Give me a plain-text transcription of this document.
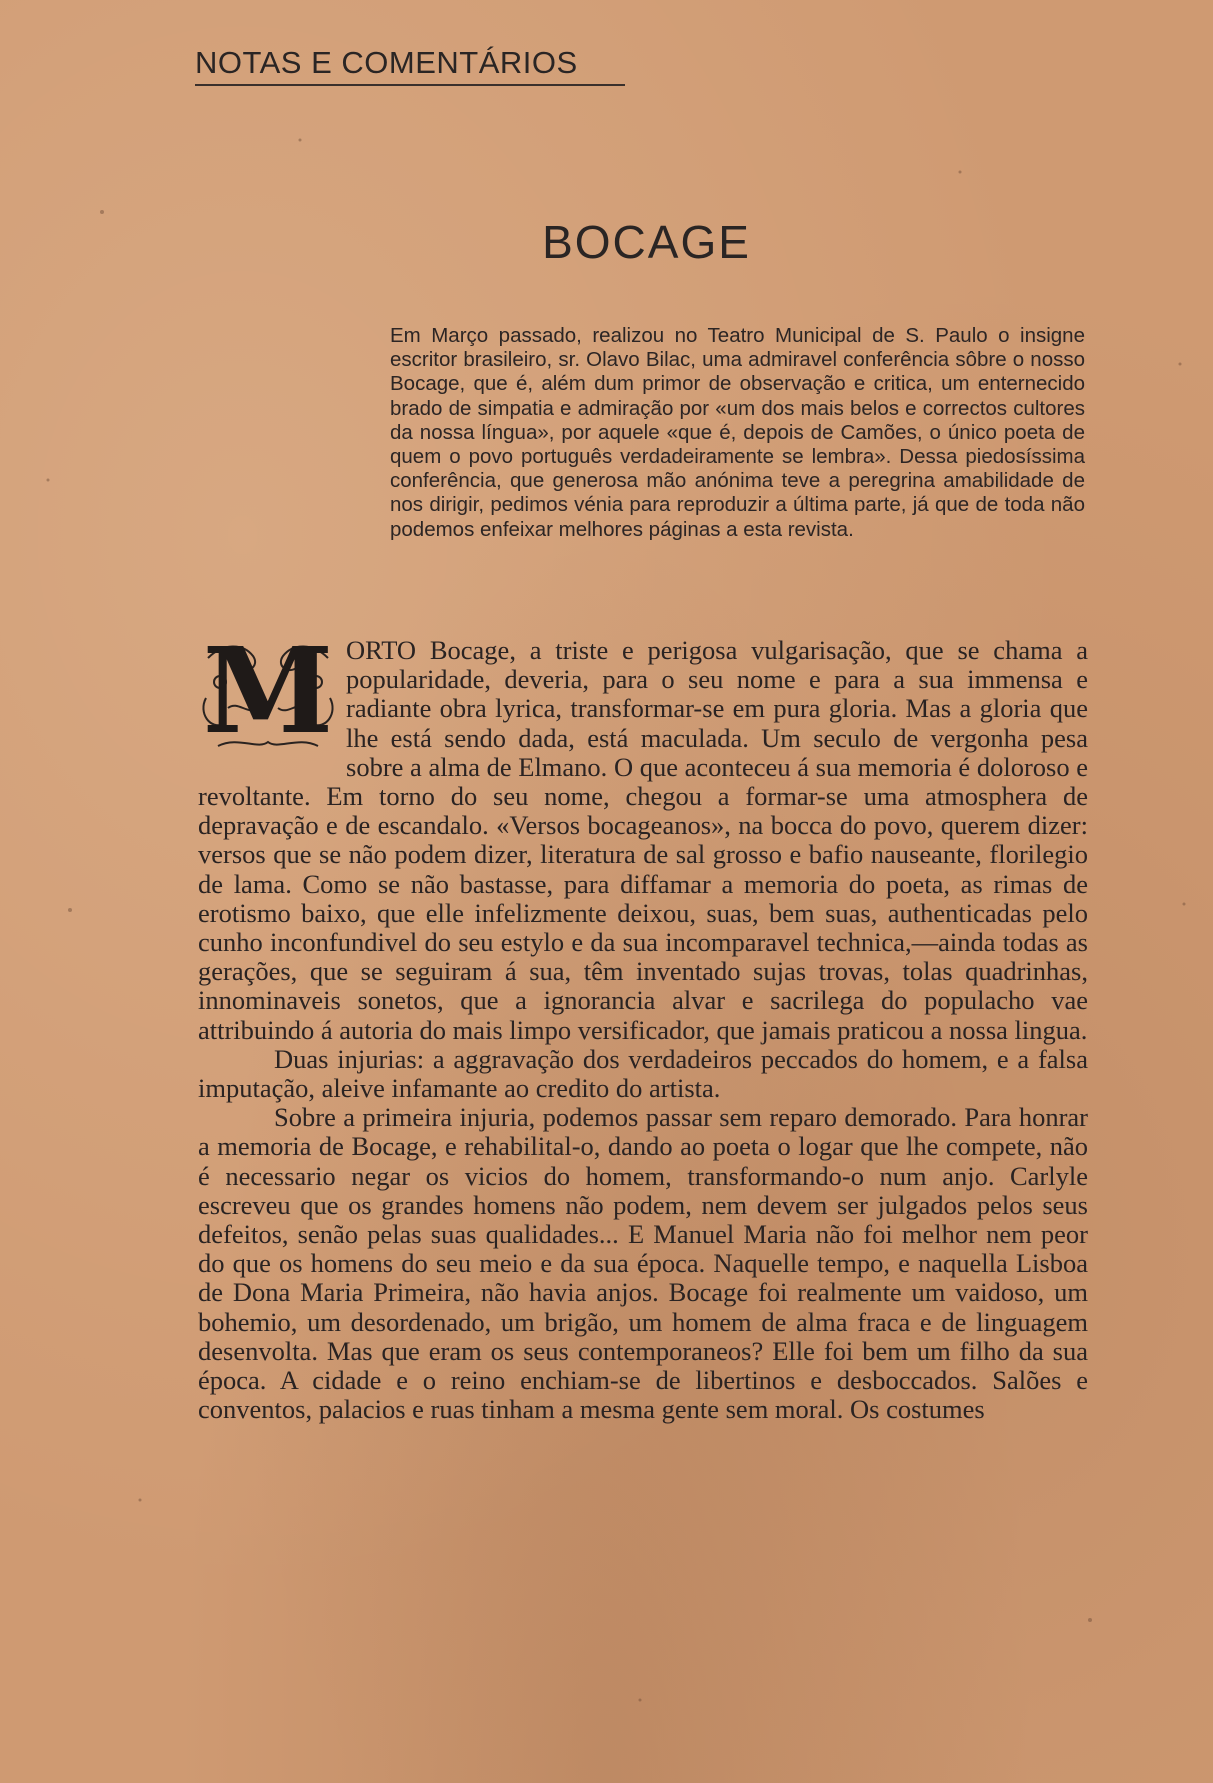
NOTAS E COMENTÁRIOS
BOCAGE
Em Março passado, realizou no Teatro Municipal de S. Paulo o insigne escritor brasileiro, sr. Olavo Bilac, uma admiravel conferência sôbre o nosso Bocage, que é, além dum primor de observação e critica, um enternecido brado de simpatia e admiração por «um dos mais belos e correctos cultores da nossa língua», por aquele «que é, depois de Camões, o único poeta de quem o povo português verdadeiramente se lembra». Dessa piedosíssima conferência, que generosa mão anónima teve a peregrina amabilidade de nos dirigir, pedimos vénia para reproduzir a última parte, já que de toda não podemos enfeixar melhores páginas a esta revista.

M ORTO Bocage, a triste e perigosa vulgarisação, que se chama a popularidade, deveria, para o seu nome e para a sua immensa e radiante obra lyrica, transformar-se em pura gloria. Mas a gloria que lhe está sendo dada, está maculada. Um seculo de vergonha pesa sobre a alma de Elmano. O que aconteceu á sua memoria é doloroso e revoltante. Em torno do seu nome, chegou a formar-se uma atmosphera de depravação e de escandalo. «Versos bocageanos», na bocca do povo, querem dizer: versos que se não podem dizer, literatura de sal grosso e bafio nauseante, florilegio de lama. Como se não bastasse, para diffamar a memoria do poeta, as rimas de erotismo baixo, que elle infelizmente deixou, suas, bem suas, authenticadas pelo cunho inconfundivel do seu estylo e da sua incomparavel technica,—ainda todas as gerações, que se seguiram á sua, têm inventado sujas trovas, tolas quadrinhas, innominaveis sonetos, que a ignorancia alvar e sacrilega do populacho vae attribuindo á autoria do mais limpo versificador, que jamais praticou a nossa lingua.

Duas injurias: a aggravação dos verdadeiros peccados do homem, e a falsa imputação, aleive infamante ao credito do artista.

Sobre a primeira injuria, podemos passar sem reparo demorado. Para honrar a memoria de Bocage, e rehabilital-o, dando ao poeta o logar que lhe compete, não é necessario negar os vicios do homem, transformando-o num anjo. Carlyle escreveu que os grandes homens não podem, nem devem ser julgados pelos seus defeitos, senão pelas suas qualidades... E Manuel Maria não foi melhor nem peor do que os homens do seu meio e da sua época. Naquelle tempo, e naquella Lisboa de Dona Maria Primeira, não havia anjos. Bocage foi realmente um vaidoso, um bohemio, um desordenado, um brigão, um homem de alma fraca e de linguagem desenvolta. Mas que eram os seus contemporaneos? Elle foi bem um filho da sua época. A cidade e o reino enchiam-se de libertinos e desboccados. Salões e conventos, palacios e ruas tinham a mesma gente sem moral. Os costumes
